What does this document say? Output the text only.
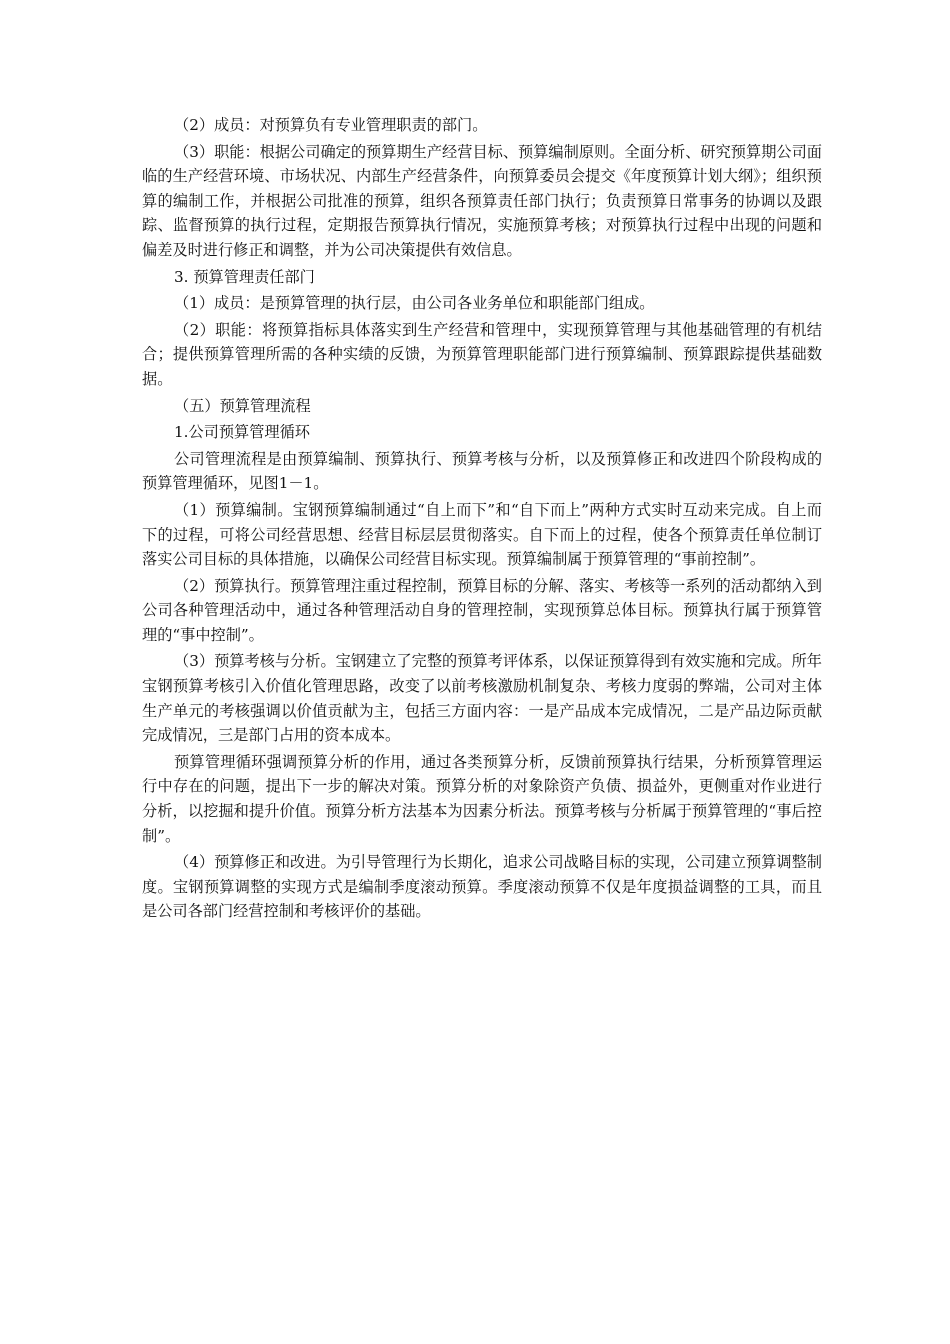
（2）成员：对预算负有专业管理职责的部门。

（3）职能：根据公司确定的预算期生产经营目标、预算编制原则。全面分析、研究预算期公司面临的生产经营环境、市场状况、内部生产经营条件，向预算委员会提交《年度预算计划大纲》；组织预算的编制工作，并根据公司批准的预算，组织各预算责任部门执行；负责预算日常事务的协调以及跟踪、监督预算的执行过程，定期报告预算执行情况，实施预算考核；对预算执行过程中出现的问题和偏差及时进行修正和调整，并为公司决策提供有效信息。

3. 预算管理责任部门

（1）成员：是预算管理的执行层，由公司各业务单位和职能部门组成。

（2）职能：将预算指标具体落实到生产经营和管理中，实现预算管理与其他基础管理的有机结合；提供预算管理所需的各种实绩的反馈，为预算管理职能部门进行预算编制、预算跟踪提供基础数据。

（五）预算管理流程

1.公司预算管理循环

公司管理流程是由预算编制、预算执行、预算考核与分析，以及预算修正和改进四个阶段构成的预算管理循环，见图1－1。

（1）预算编制。宝钢预算编制通过“自上而下”和“自下而上”两种方式实时互动来完成。自上而下的过程，可将公司经营思想、经营目标层层贯彻落实。自下而上的过程，使各个预算责任单位制订落实公司目标的具体措施，以确保公司经营目标实现。预算编制属于预算管理的“事前控制”。

（2）预算执行。预算管理注重过程控制，预算目标的分解、落实、考核等一系列的活动都纳入到公司各种管理活动中，通过各种管理活动自身的管理控制，实现预算总体目标。预算执行属于预算管理的“事中控制”。

（3）预算考核与分析。宝钢建立了完整的预算考评体系，以保证预算得到有效实施和完成。所年宝钢预算考核引入价值化管理思路，改变了以前考核激励机制复杂、考核力度弱的弊端，公司对主体生产单元的考核强调以价值贡献为主，包括三方面内容：一是产品成本完成情况，二是产品边际贡献完成情况，三是部门占用的资本成本。

预算管理循环强调预算分析的作用，通过各类预算分析，反馈前预算执行结果，分析预算管理运行中存在的问题，提出下一步的解决对策。预算分析的对象除资产负债、损益外，更侧重对作业进行分析，以挖掘和提升价值。预算分析方法基本为因素分析法。预算考核与分析属于预算管理的“事后控制”。

（4）预算修正和改进。为引导管理行为长期化，追求公司战略目标的实现，公司建立预算调整制度。宝钢预算调整的实现方式是编制季度滚动预算。季度滚动预算不仅是年度损益调整的工具，而且是公司各部门经营控制和考核评价的基础。
